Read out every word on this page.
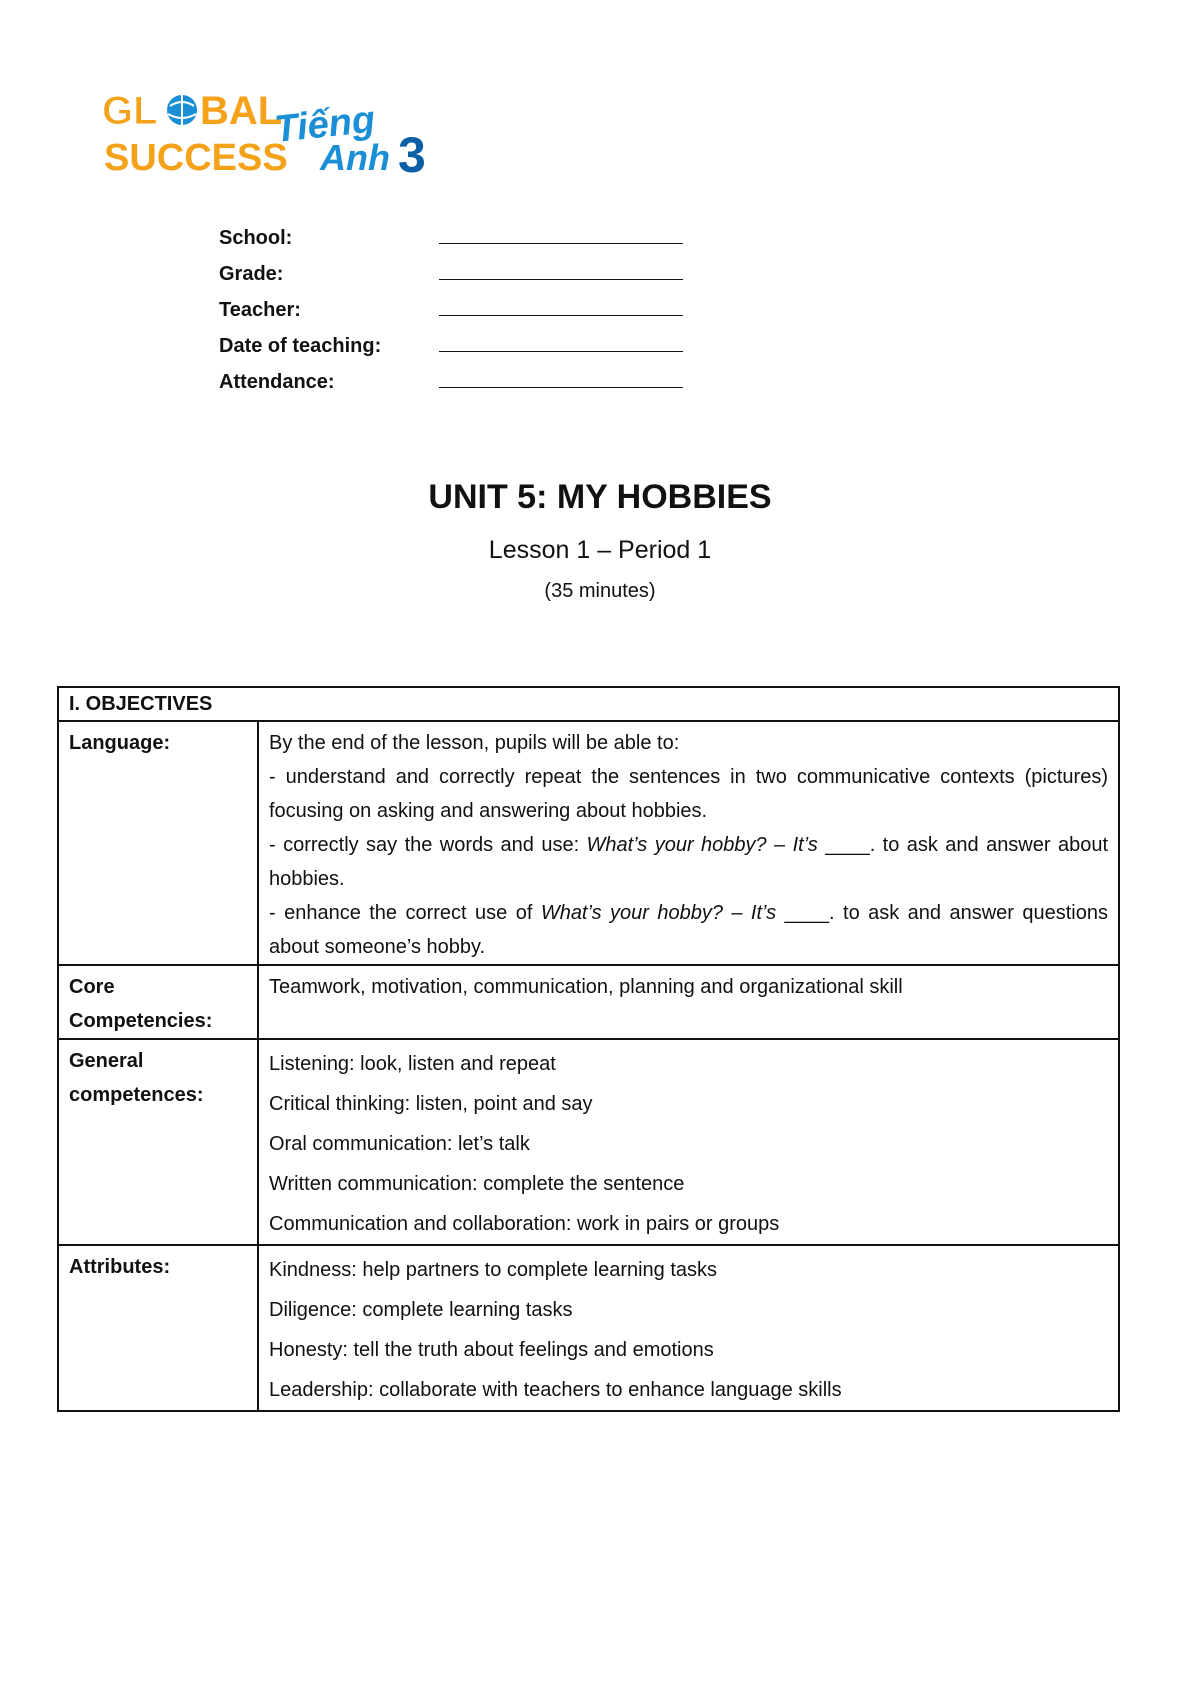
GL BAL
SUCCESS
Tiếng
Anh 3
School:
Grade:
Teacher:
Date of teaching:
Attendance:
UNIT 5: MY HOBBIES
Lesson 1 – Period 1
(35 minutes)
I. OBJECTIVES	
Language:	By the end of the lesson, pupils will be able to:
- understand and correctly repeat the sentences in two communicative contexts (pictures) focusing on asking and answering about hobbies.
- correctly say the words and use: What’s your hobby? – It’s ____. to ask and answer about hobbies.
- enhance the correct use of What’s your hobby? – It’s ____. to ask and answer questions about someone’s hobby.

Core Competencies:	Teamwork, motivation, communication, planning and organizational skill
General competences:	Listening: look, listen and repeat
Critical thinking: listen, point and say
Oral communication: let’s talk
Written communication: complete the sentence
Communication and collaboration: work in pairs or groups

Attributes:	Kindness: help partners to complete learning tasks
Diligence: complete learning tasks
Honesty: tell the truth about feelings and emotions
Leadership: collaborate with teachers to enhance language skills
